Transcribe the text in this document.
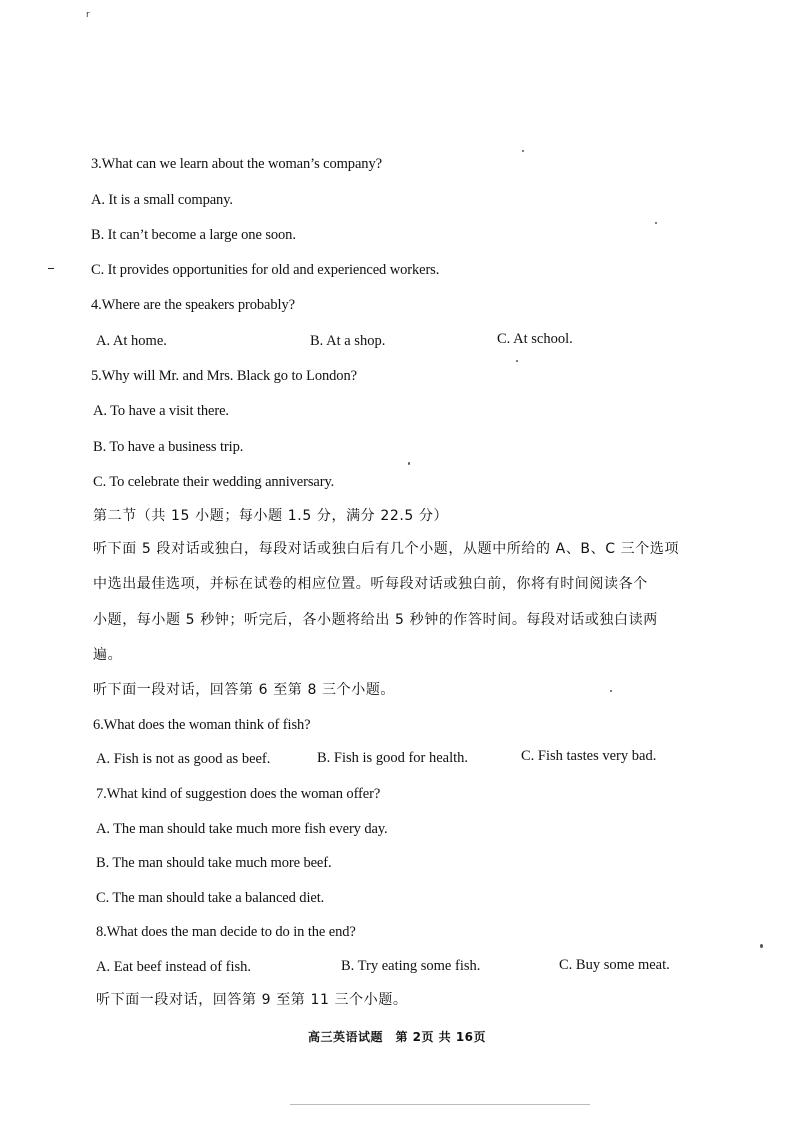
r
3.What can we learn about the woman’s company?
A. It is a small company.
B. It can’t become a large one soon.
C. It provides opportunities for old and experienced workers.
4.Where are the speakers probably?
A. At home.	B. At a shop.	C. At school.
5.Why will Mr. and Mrs. Black go to London?
A. To have a visit there.
B. To have a business trip.
C. To celebrate their wedding anniversary.
第二节（共 15 小题；每小题 1.5 分，满分 22.5 分）
听下面 5 段对话或独白，每段对话或独白后有几个小题，从题中所给的 A、B、C 三个选项
中选出最佳选项，并标在试卷的相应位置。听每段对话或独白前，你将有时间阅读各个
小题，每小题 5 秒钟；听完后，各小题将给出 5 秒钟的作答时间。每段对话或独白读两
遍。
听下面一段对话，回答第 6 至第 8 三个小题。
6.What does the woman think of fish?
A. Fish is not as good as beef.	B. Fish is good for health.	C. Fish tastes very bad.
7.What kind of suggestion does the woman offer?
A. The man should take much more fish every day.
B. The man should take much more beef.
C. The man should take a balanced diet.
8.What does the man decide to do in the end?
A. Eat beef instead of fish.	B. Try eating some fish.	C. Buy some meat.
听下面一段对话，回答第 9 至第 11 三个小题。
高三英语试题　第 2页 共 16页
